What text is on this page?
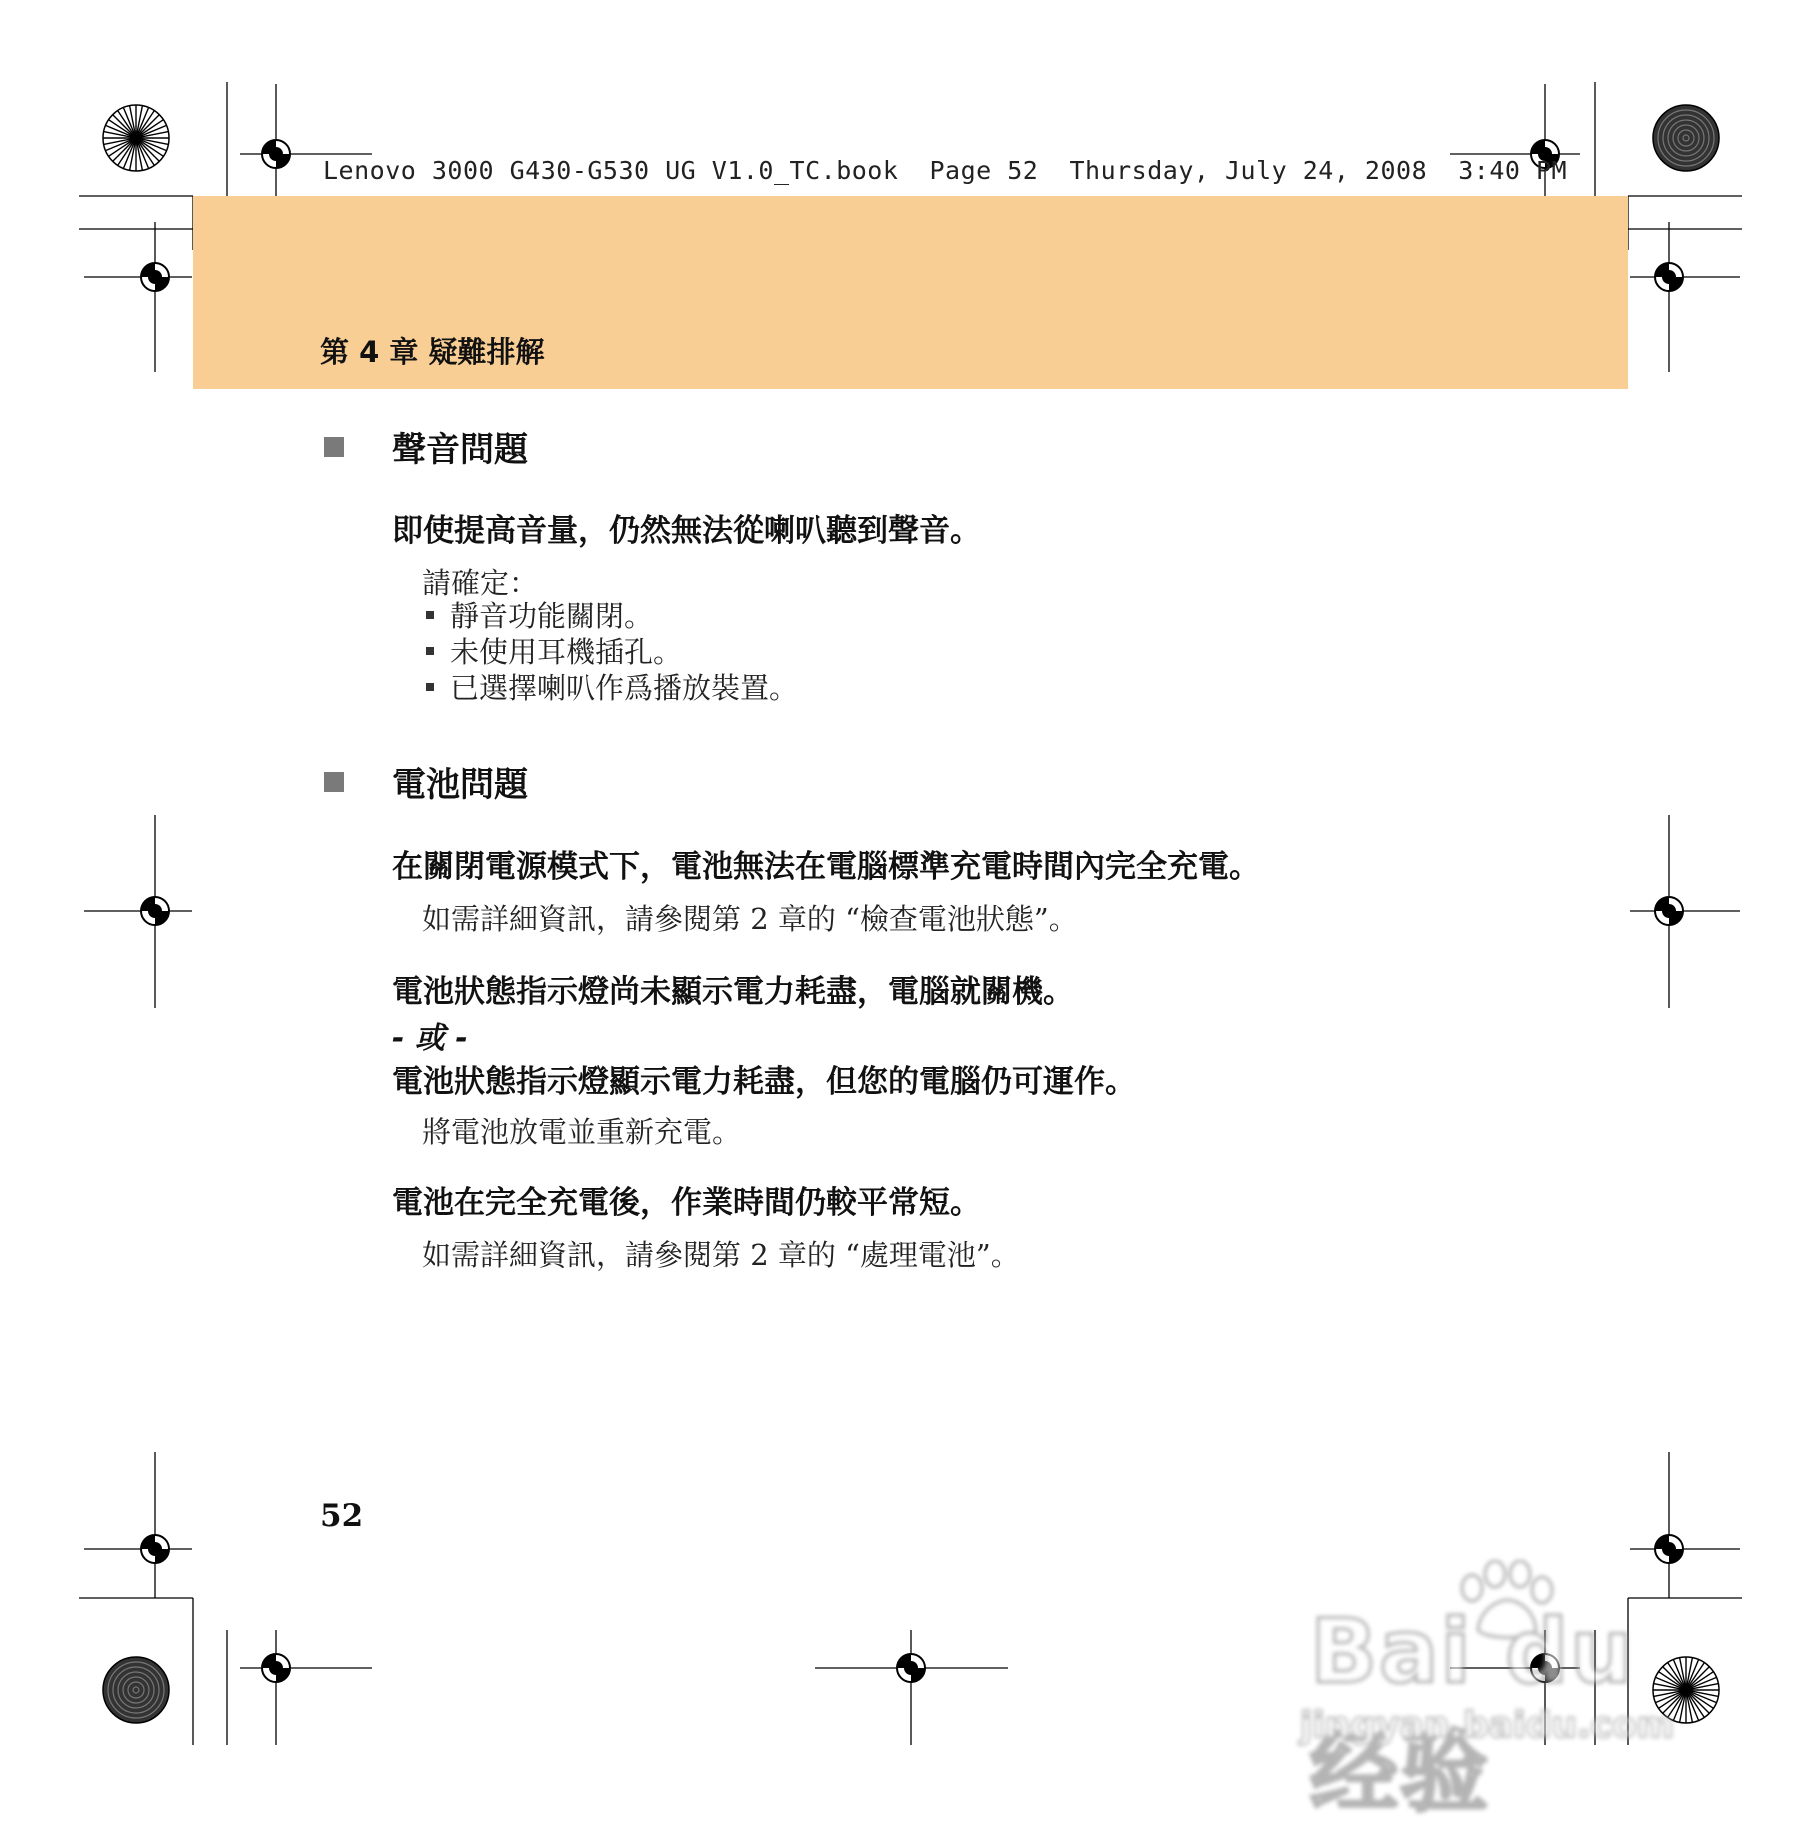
Lenovo 3000 G430-G530 UG V1.0_TC.book  Page 52  Thursday, July 24, 2008  3:40 PM
第 4 章 疑難排解
聲音問題
即使提高音量，仍然無法從喇叭聽到聲音。
請確定：
靜音功能關閉。
未使用耳機插孔。
已選擇喇叭作爲播放裝置。
電池問題
在關閉電源模式下，電池無法在電腦標準充電時間內完全充電。
如需詳細資訊，請參閱第 2 章的 “檢查電池狀態”。
電池狀態指示燈尚未顯示電力耗盡，電腦就關機。
- 或 -
電池狀態指示燈顯示電力耗盡，但您的電腦仍可運作。
將電池放電並重新充電。
電池在完全充電後，作業時間仍較平常短。
如需詳細資訊，請參閱第 2 章的 “處理電池”。
52
Bai du 经验
jingyan.baidu.com
